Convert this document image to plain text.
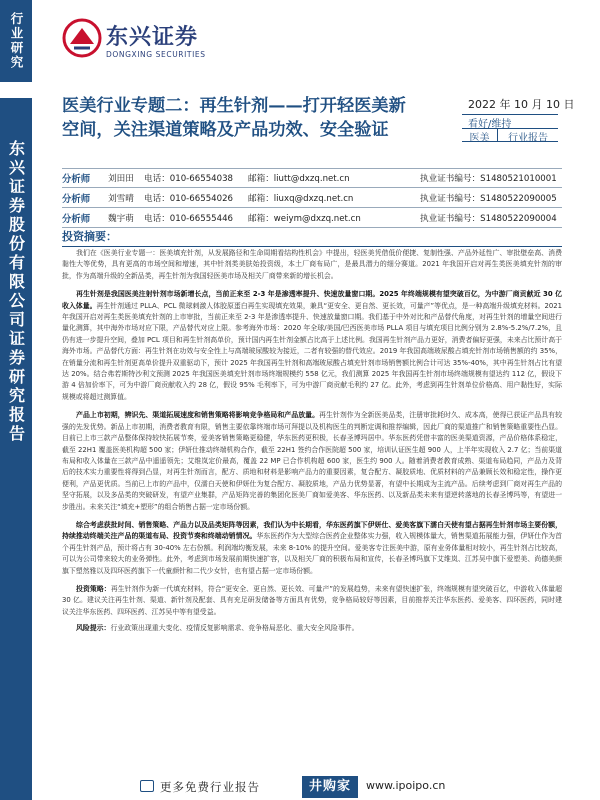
行业研究
东兴证券股份有限公司证券研究报告
东兴证券
DONGXING SECURITIES
医美行业专题二：再生针剂——打开轻医美新空间，关注渠道策略及产品功效、安全验证
2022 年 10 月 10 日
看好/维持
医美	行业报告
分析师	刘田田	电话：010-66554038	邮箱：liutt@dxzq.net.cn	执业证书编号：S1480521010001
分析师	刘雪晴	电话：010-66554026	邮箱：liuxq@dxzq.net.cn	执业证书编号：S1480522090005
分析师	魏宇萌	电话：010-66555446	邮箱：weiym@dxzq.net.cn	执业证书编号：S1480522090004
投资摘要：

我们在《医美行业专题一：医美填充针剂，从发展路径和生命周期看结构性机会》中提出，轻医美凭借低价便捷、复制性强、产品外延性广、审批壁垒高、消费黏性大等优势，具有更高的市场空间和增速，其中针剂类美肤始投资级，本土厂商布局广，是最具潜力的细分赛道。2021 年我国开启对再生类医美填充针剂的审批，作为高端升级的全新品类，再生针剂为我国轻医美市场及相关厂商带来新的增长机会。

再生针剂是我国医美注射针剂市场新增长点，当前正来至 2-3 年是渗透率提升、快速放量窗口期。2025 年终端规模有望突破百亿，为中游厂商贡献近 30 亿收入体量。再生针剂通过 PLLA、PCL 微球刺激人体胶原蛋白再生实现填充效果，兼具“更安全、更自然、更长效，可量产”等优点，是一种高端升级填充材料。2021 年我国开启对再生类医美填充针剂的上市审批，当前正来至 2-3 年是渗透率提升、快速放量窗口期。我们基于中外对比和产品替代角度，对再生针剂的增量空间进行量化测算，其中海外市场对应下限，产品替代对应上限。参考海外市场：2020 年全球/美国/巴西医美市场 PLLA 项目与填充项目比例分别为 2.8%-5.2%/7.2%，且仍有进一步提升空间，叠加 PCL 项目和再生针剂高单价，预计国内再生针剂金额占比高于上述比例。我国再生针剂产品力更好，消费者偏好更强，未来占比预计高于海外市场。产品替代方面：再生针剂在功效与安全性上与高端玻尿酸较为接近，二者有较强的替代效应。2019 年我国高端玻尿酸占填充针剂市场销售额的约 35%，在销量分流和再生针剂更高单价提升双重驱动下，预计 2025 年我国再生针剂和高端玻尿酸占填充针剂市场销售额比例合计可达 35%-40%，其中再生针剂占比有望达 20%。结合弗若斯特沙利文预测 2025 年我国医美填充针剂市场终端规模约 558 亿元，我们测算 2025 年我国再生针剂市场终端规模有望达约 112 亿，假设下游 4 倍加价率下，可为中游厂商贡献收入约 28 亿，假设 95% 毛利率下，可为中游厂商贡献毛利约 27 亿。此外，考虑到再生针剂单位价格高、用户黏性好，实际规模或将超过测算值。

产品上市初期，辨识先、渠道拓展速度和销售策略将影响竞争格局和产品放量。再生针剂作为全新医美品类，注册审批耗时久、成本高，使得已获证产品具有较强的先发优势。新品上市初期，消费者教育有限，销售主要依靠终端市场可拜提以及机构医生的判断定调和推荐编辑，因此厂商的渠道推广和销售策略重要性凸显。目前已上市三款产品整体保持较快拓展节奏，爱美客销售策略更稳健，华东医药更积极，长春圣博玛居中。华东医药凭借丰富的医美渠道资源，产品价格体系稳定，截至 22H1 覆盖医美机构超 500 家；伊妍仕推动终端机构合作，截至 22H1 签约合作医院超 500 家，培训认证医生超 900 人，上半年实现收入 2.7 亿；当前渠道布局和收入体量在三款产品中遥遥领先；艾维岚定价最高，覆盖 22 MP 已合作机构超 600 家，医生约 900 人。随着消费者教育成熟、渠道布局趋同，产品力及背后的技术实力重要性将得到凸显，对再生针剂而言，配方、质地和材料是影响产品力的重要因素，复合配方、凝胶质地、优质材料的产品兼顾长效和稳定性，操作更便利，产品更优质。当前已上市的产品中，仅濡白天使和伊妍仕为复合配方、凝胶质地，产品力优势显著，有望中长期成为主流产品。后续考虑到厂商对再生产品的坚守拓展，以及多品类的突破研发，有望产业集群，产品矩阵完善的集团化医美厂商如爱美客、华东医药、以及新品类未来有望逆转落地的长春圣博玛等，有望进一步胜出。未来关注“填充+塑形”的组合销售占据一定市场份额。

综合考虑获批时间、销售策略、产品力以及品类矩阵等因素，我们认为中长期看，华东医药旗下伊妍仕、爱美客旗下濡白天使有望占据再生针剂市场主要份额，持续推动终端关注产品的渠道布局、投资节奏和终端动销情况。华东医药作为大型综合医药企业整体实力强，收入规模体量大，销售渠道拓展能力强，伊妍仕作为首个再生针剂产品，预计将占有 30-40% 左右份额。利润端均衡发展，未来 8-10% 的提升空间。爱美客专注医美中游，原有业务体量相对较小，再生针剂占比较高，可以为公司带来较大的业务弹性。此外，考虑到市场发展前期快速扩容，以及相关厂商的积极布局和宣传，长春圣博玛旗下艾维岚、江苏吴中旗下爱塑美、尚德美颜旗下塑然雅以及四环医药旗下一代童颜针和二代少女针，也有望占据一定市场份额。

投资策略：再生针剂作为新一代填充材料，符合“更安全、更自然、更长效、可量产”的发展趋势，未来有望快速扩张，终端规模有望突破百亿，中游收入体量超 30 亿。建议关注再生针剂、渠道、新针剂及配套、具有充足研发储备等方面具有优势，竞争格局较好等因素，目前推荐关注华东医药、爱美客、四环医药，同时建议关注华东医药、四环医药、江苏吴中等有望受益。

风险提示：行业政策出现重大变化、疫情反复影响需求、竞争格局恶化、重大安全风险事件。

更多免费行业报告	井购家	www.ipoipo.cn
